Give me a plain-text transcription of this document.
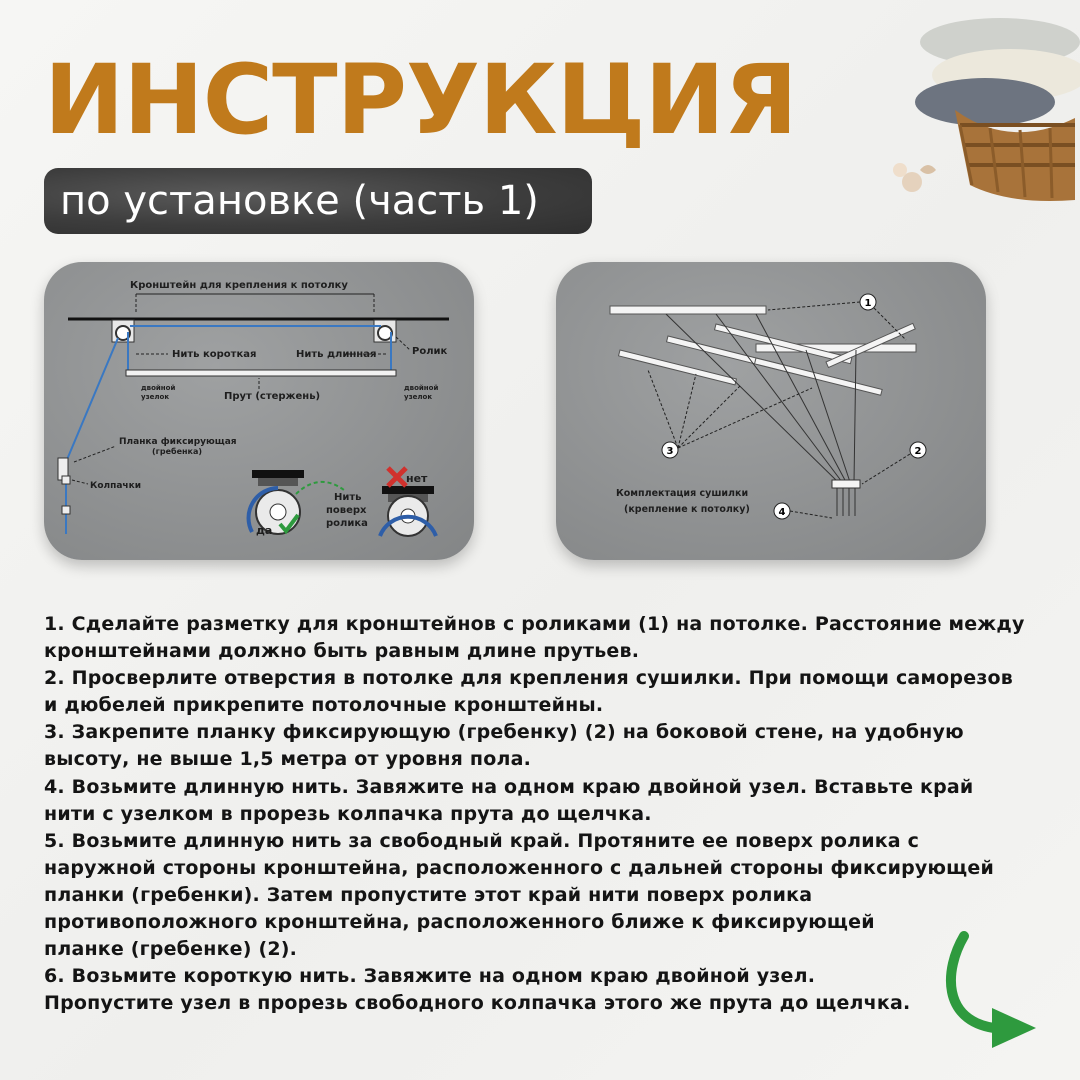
ИНСТРУКЦИЯ
по установке (часть 1)
Кронштейн для крепления к потолку
Нить короткая	Нить длинная	Ролик
двойной
узелок
двойной
узелок
Прут (стержень)
Планка фиксирующая
(гребенка)
Колпачки
да
Нить
поверх
ролика
нет
1
2
3
4
Комплектация сушилки
(крепление к потолку)
1. Сделайте разметку для кронштейнов с роликами (1) на потолке. Расстояние между
кронштейнами должно быть равным длине прутьев.
2. Просверлите отверстия в потолке для крепления сушилки. При помощи саморезов
и дюбелей прикрепите потолочные кронштейны.
3. Закрепите планку фиксирующую (гребенку) (2) на боковой стене, на удобную
высоту, не выше 1,5 метра от уровня пола.
4. Возьмите длинную нить. Завяжите на одном краю двойной узел. Вставьте край
нити с узелком в прорезь колпачка прута до щелчка.
5. Возьмите длинную нить за свободный край. Протяните ее поверх ролика с
наружной стороны кронштейна, расположенного с дальней стороны фиксирующей
планки (гребенки). Затем пропустите этот край нити поверх ролика
противоположного кронштейна, расположенного ближе к фиксирующей
планке (гребенке) (2).
6. Возьмите короткую нить. Завяжите на одном краю двойной узел.
Пропустите узел в прорезь свободного колпачка этого же прута до щелчка.
